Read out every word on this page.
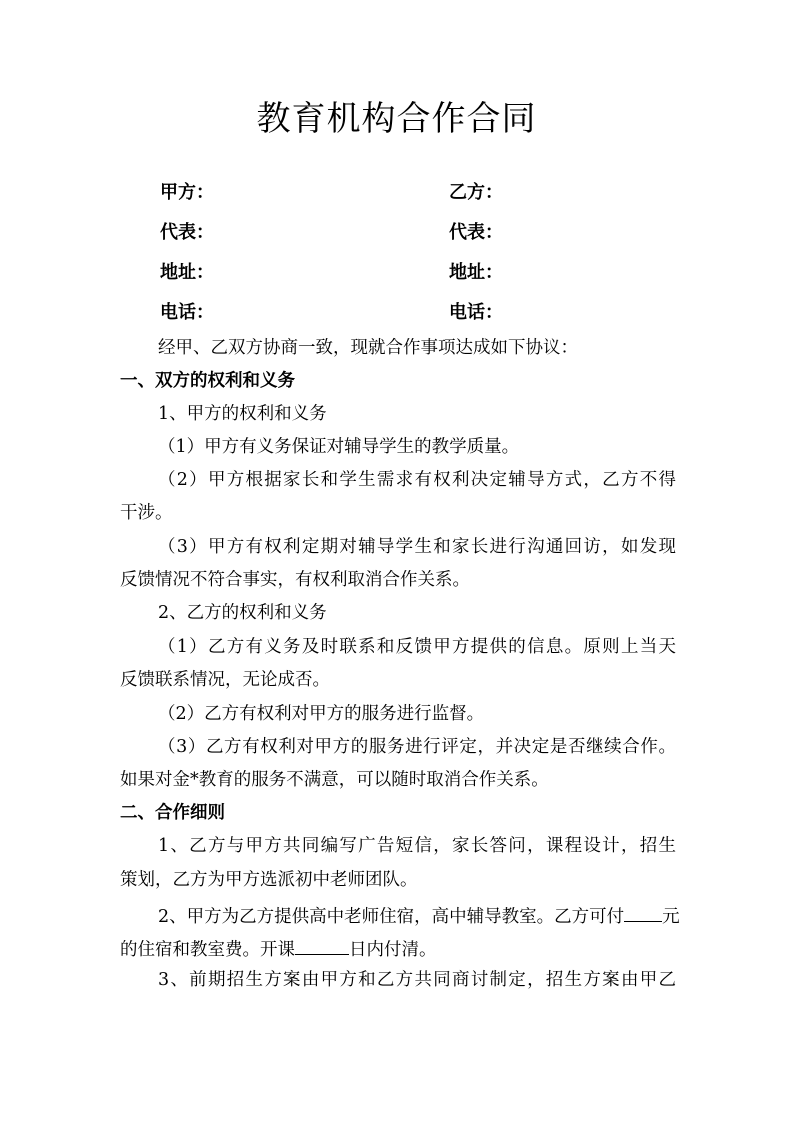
教育机构合作合同
甲方：	乙方：
代表：	代表：
地址：	地址：
电话：	电话：
经甲、乙双方协商一致，现就合作事项达成如下协议：
一、双方的权利和义务
1、甲方的权利和义务
（1）甲方有义务保证对辅导学生的教学质量。
（2）甲方根据家长和学生需求有权利决定辅导方式，乙方不得
干涉。
（3）甲方有权利定期对辅导学生和家长进行沟通回访，如发现
反馈情况不符合事实，有权利取消合作关系。
2、乙方的权利和义务
（1）乙方有义务及时联系和反馈甲方提供的信息。原则上当天
反馈联系情况，无论成否。
（2）乙方有权利对甲方的服务进行监督。
（3）乙方有权利对甲方的服务进行评定，并决定是否继续合作。
如果对金*教育的服务不满意，可以随时取消合作关系。
二、合作细则
1、乙方与甲方共同编写广告短信，家长答问，课程设计，招生
策划，乙方为甲方选派初中老师团队。
2、甲方为乙方提供高中老师住宿，高中辅导教室。乙方可付 元
的住宿和教室费。开课	日内付清。
3、前期招生方案由甲方和乙方共同商讨制定，招生方案由甲乙
